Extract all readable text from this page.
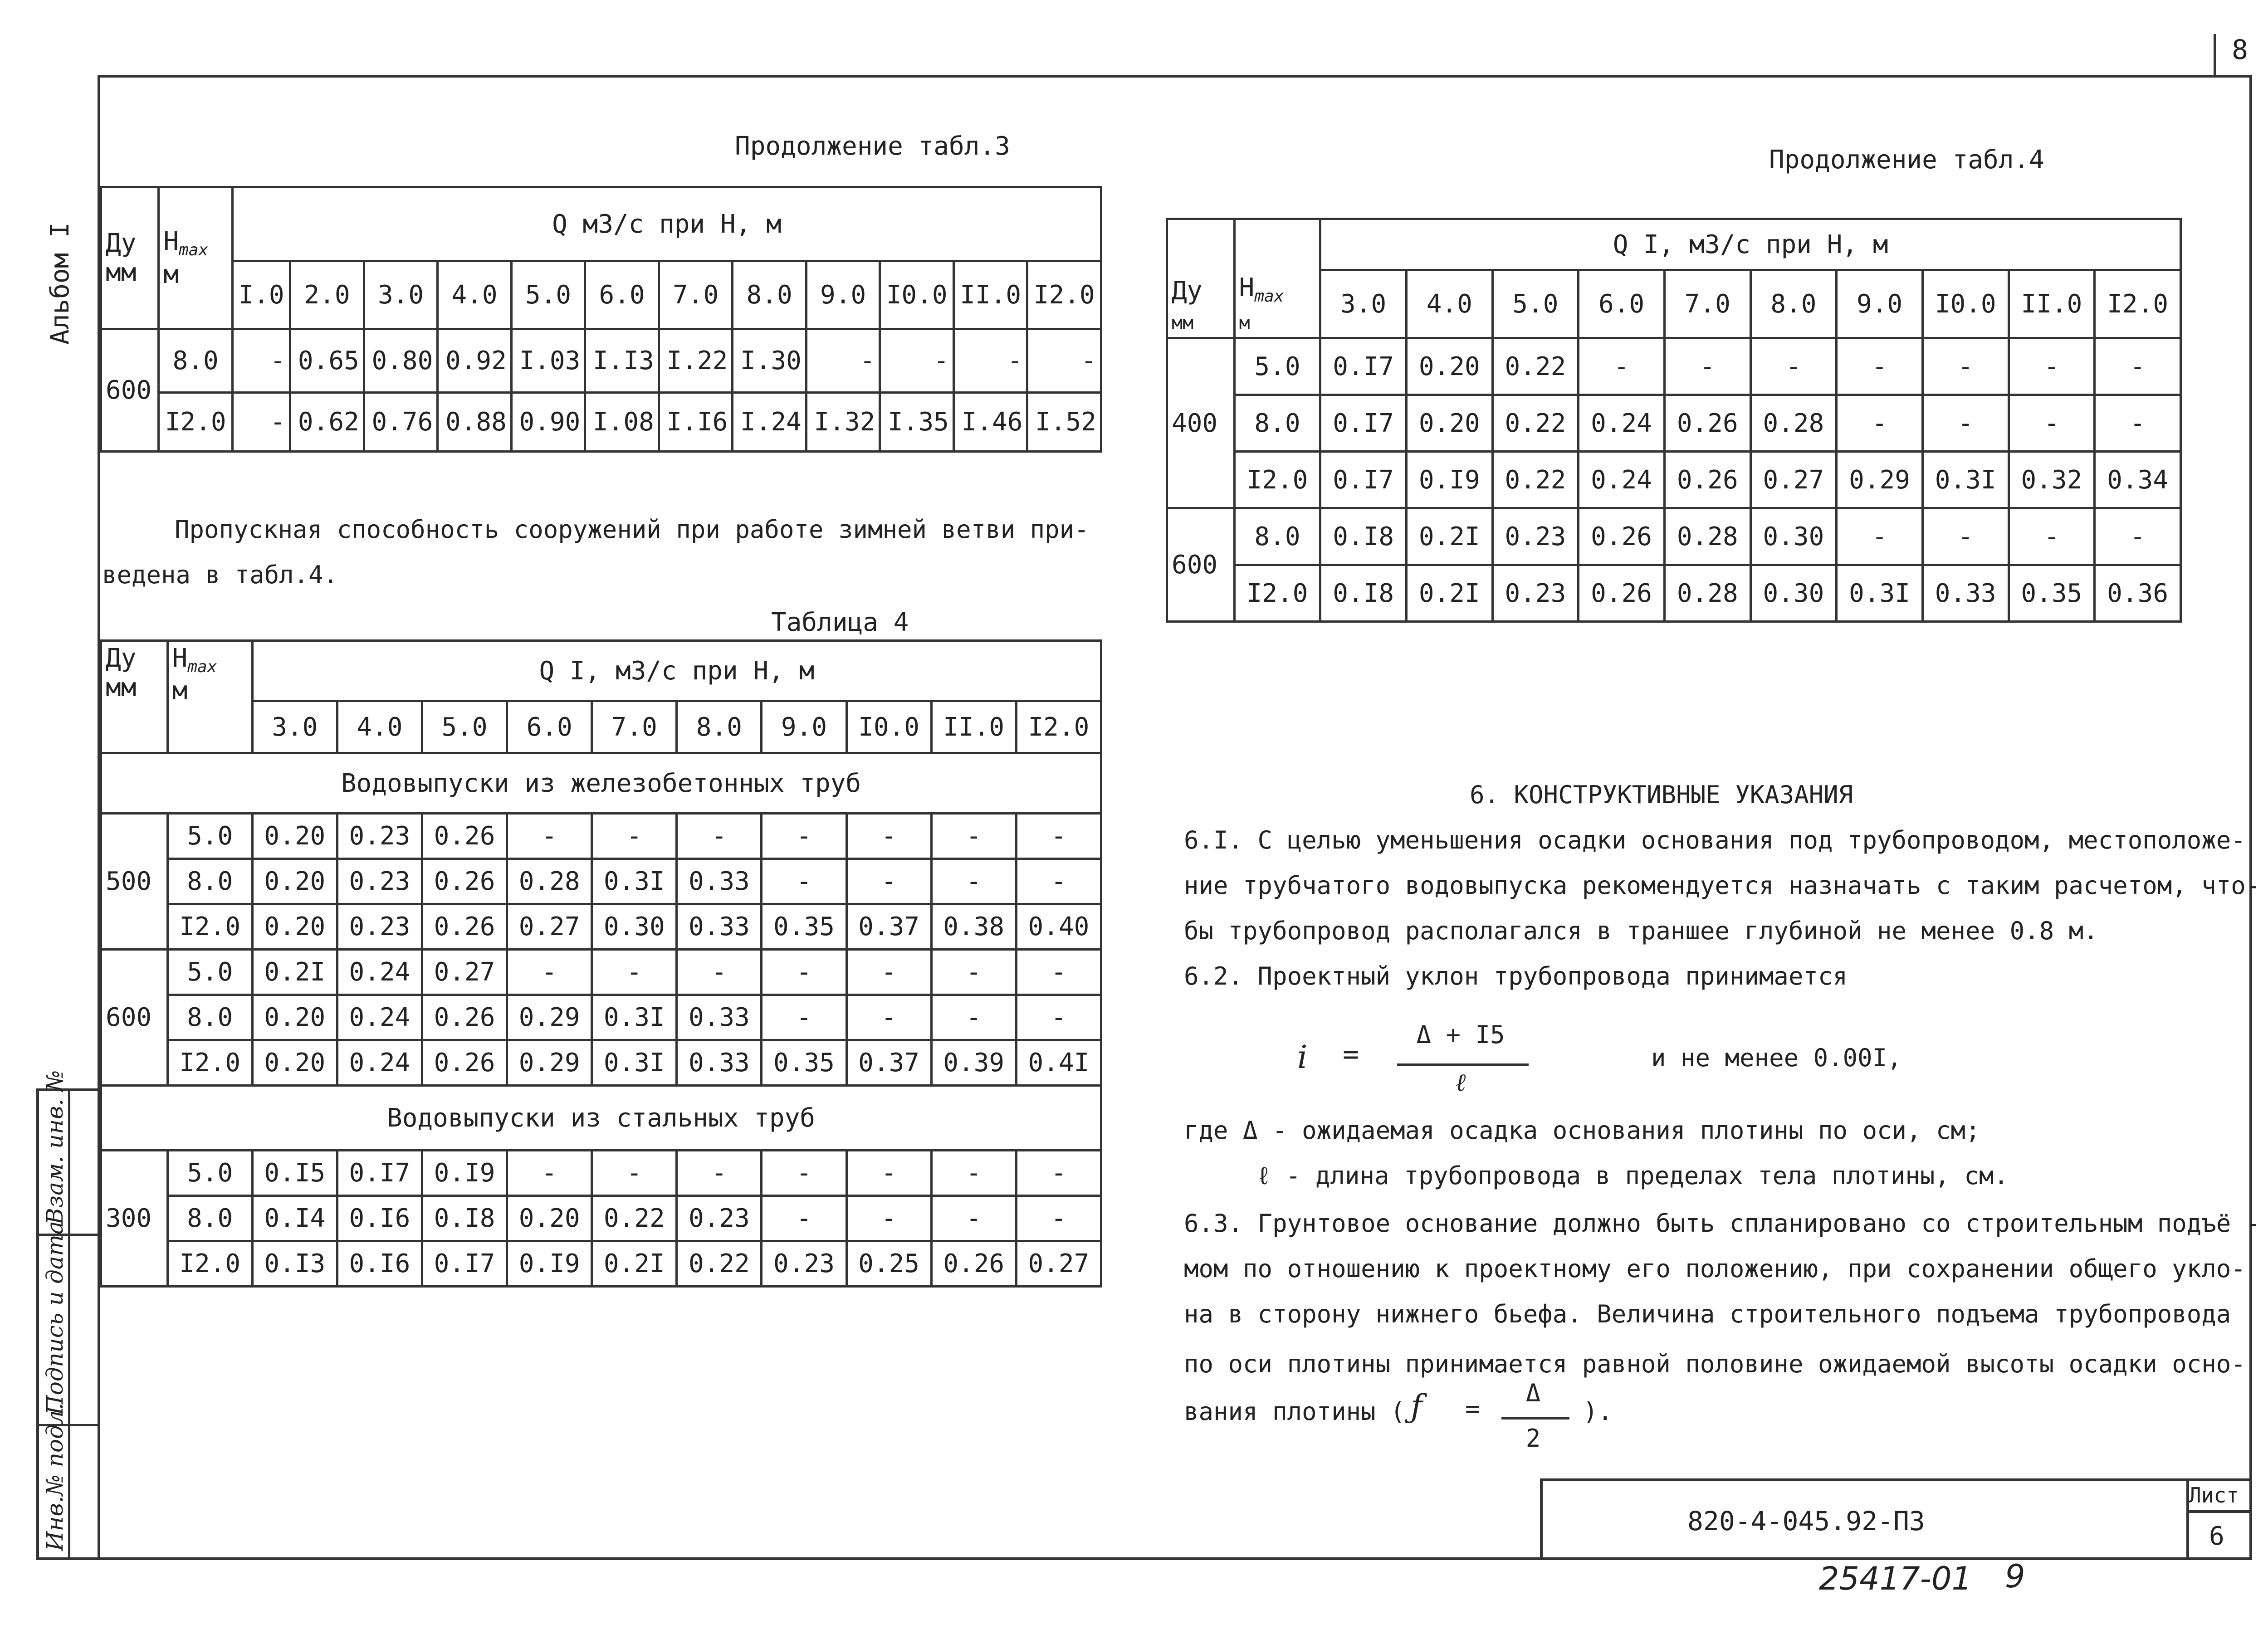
8
Альбом I
Инв.№ подл.
Подпись и дата
Взам. инв. №
Продолжение табл.3
Ду
мм	$H_{max}$
м	Q м3/с при H, м											
		I.0	2.0	3.0	4.0	5.0	6.0	7.0	8.0	9.0	I0.0	II.0	I2.0
600	8.0	-	0.65	0.80	0.92	I.03	I.I3	I.22	I.30	-	-	-	-
	I2.0	-	0.62	0.76	0.88	0.90	I.08	I.I6	I.24	I.32	I.35	I.46	I.52
Пропускная способность сооружений при работе зимней ветви при-
ведена в табл.4.
Таблица 4
Ду
мм	$H_{max}$
м	Q I, м3/с при H, м									
		3.0	4.0	5.0	6.0	7.0	8.0	9.0	I0.0	II.0	I2.0
Водовыпуски из железобетонных труб											
500	5.0	0.20	0.23	0.26	-	-	-	-	-	-	-
	8.0	0.20	0.23	0.26	0.28	0.3I	0.33	-	-	-	-
	I2.0	0.20	0.23	0.26	0.27	0.30	0.33	0.35	0.37	0.38	0.40
600	5.0	0.2I	0.24	0.27	-	-	-	-	-	-	-
	8.0	0.20	0.24	0.26	0.29	0.3I	0.33	-	-	-	-
	I2.0	0.20	0.24	0.26	0.29	0.3I	0.33	0.35	0.37	0.39	0.4I
Водовыпуски из стальных труб											
300	5.0	0.I5	0.I7	0.I9	-	-	-	-	-	-	-
	8.0	0.I4	0.I6	0.I8	0.20	0.22	0.23	-	-	-	-
	I2.0	0.I3	0.I6	0.I7	0.I9	0.2I	0.22	0.23	0.25	0.26	0.27
Продолжение табл.4
Ду
мм	$H_{max}$
м	Q I, м3/с при H, м									
		3.0	4.0	5.0	6.0	7.0	8.0	9.0	I0.0	II.0	I2.0
400	5.0	0.I7	0.20	0.22	-	-	-	-	-	-	-
	8.0	0.I7	0.20	0.22	0.24	0.26	0.28	-	-	-	-
	I2.0	0.I7	0.I9	0.22	0.24	0.26	0.27	0.29	0.3I	0.32	0.34
600	8.0	0.I8	0.2I	0.23	0.26	0.28	0.30	-	-	-	-
	I2.0	0.I8	0.2I	0.23	0.26	0.28	0.30	0.3I	0.33	0.35	0.36
6. КОНСТРУКТИВНЫЕ УКАЗАНИЯ
6.I. С целью уменьшения осадки основания под трубопроводом, местоположе-
ние трубчатого водовыпуска рекомендуется назначать с таким расчетом, что-
бы трубопровод располагался в траншее глубиной не менее 0.8 м.
6.2. Проектный уклон трубопровода принимается
i =
Δ + I5
ℓ
и не менее 0.00I,
где Δ - ожидаемая осадка основания плотины по оси, см;
ℓ - длина трубопровода в пределах тела плотины, см.
6.3. Грунтовое основание должно быть спланировано со строительным подъё -
мом по отношению к проектному его положению, при сохранении общего укло-
на в сторону нижнего бьефа. Величина строительного подъема трубопровода
по оси плотины принимается равной половине ожидаемой высоты осадки осно-
вания плотины ( ƒ =
Δ
2
).
820-4-045.92-ПЗ
Лист
6
25417-01 9
